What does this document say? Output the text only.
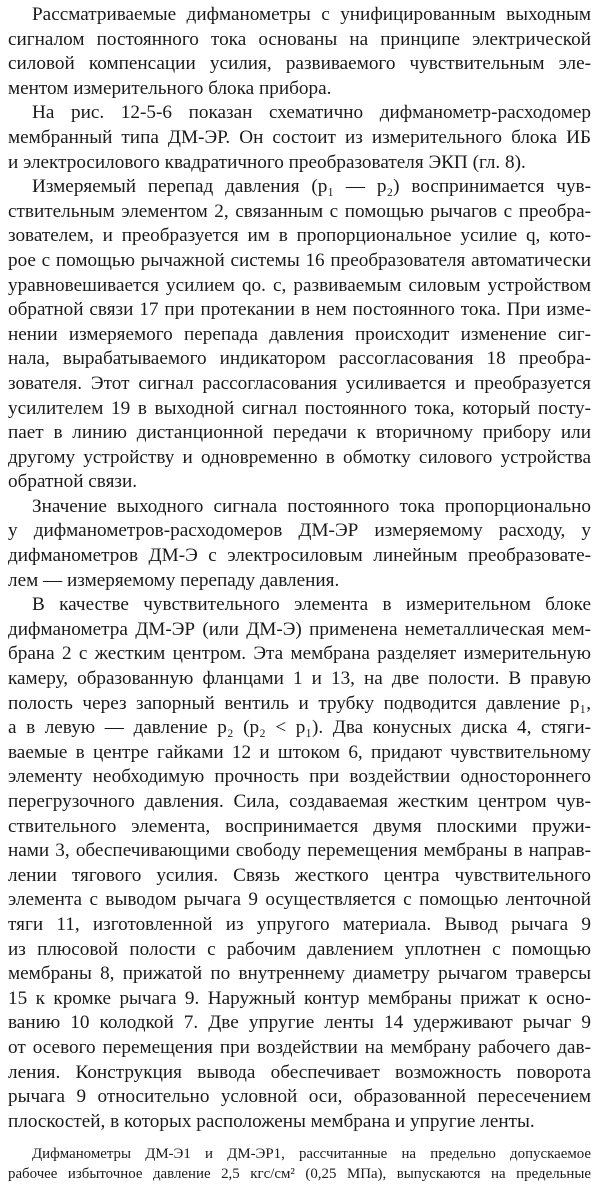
Рассматриваемые дифманометры с унифицированным выходным

сигналом постоянного тока основаны на принципе электрической

силовой компенсации усилия, развиваемого чувствительным эле-

ментом измерительного блока прибора.

На рис. 12-5-6 показан схематично дифманометр-расходомер

мембранный типа ДМ-ЭР. Он состоит из измерительного блока ИБ

и электросилового квадратичного преобразователя ЭКП (гл. 8).

Измеряемый перепад давления (p₁ — p₂) воспринимается чув-

ствительным элементом 2, связанным с помощью рычагов с преобра-

зователем, и преобразуется им в пропорциональное усилие q, кото-

рое с помощью рычажной системы 16 преобразователя автоматически

уравновешивается усилием qо. с, развиваемым силовым устройством

обратной связи 17 при протекании в нем постоянного тока. При изме-

нении измеряемого перепада давления происходит изменение сиг-

нала, вырабатываемого индикатором рассогласования 18 преобра-

зователя. Этот сигнал рассогласования усиливается и преобразуется

усилителем 19 в выходной сигнал постоянного тока, который посту-

пает в линию дистанционной передачи к вторичному прибору или

другому устройству и одновременно в обмотку силового устройства

обратной связи.

Значение выходного сигнала постоянного тока пропорционально

у дифманометров-расходомеров ДМ-ЭР измеряемому расходу, у

дифманометров ДМ-Э с электросиловым линейным преобразовате-

лем — измеряемому перепаду давления.

В качестве чувствительного элемента в измерительном блоке

дифманометра ДМ-ЭР (или ДМ-Э) применена неметаллическая мем-

брана 2 с жестким центром. Эта мембрана разделяет измерительную

камеру, образованную фланцами 1 и 13, на две полости. В правую

полость через запорный вентиль и трубку подводится давление p₁,

а в левую — давление p₂ (p₂ < p₁). Два конусных диска 4, стяги-

ваемые в центре гайками 12 и штоком 6, придают чувствительному

элементу необходимую прочность при воздействии одностороннего

перегрузочного давления. Сила, создаваемая жестким центром чув-

ствительного элемента, воспринимается двумя плоскими пружи-

нами 3, обеспечивающими свободу перемещения мембраны в направ-

лении тягового усилия. Связь жесткого центра чувствительного

элемента с выводом рычага 9 осуществляется с помощью ленточной

тяги 11, изготовленной из упругого материала. Вывод рычага 9

из плюсовой полости с рабочим давлением уплотнен с помощью

мембраны 8, прижатой по внутреннему диаметру рычагом траверсы

15 к кромке рычага 9. Наружный контур мембраны прижат к осно-

ванию 10 колодкой 7. Две упругие ленты 14 удерживают рычаг 9

от осевого перемещения при воздействии на мембрану рабочего дав-

ления. Конструкция вывода обеспечивает возможность поворота

рычага 9 относительно условной оси, образованной пересечением

плоскостей, в которых расположены мембрана и упругие ленты.

Дифманометры ДМ-Э1 и ДМ-ЭР1, рассчитанные на предельно допускаемое

рабочее избыточное давление 2,5 кгс/см² (0,25 МПа), выпускаются на предельные
